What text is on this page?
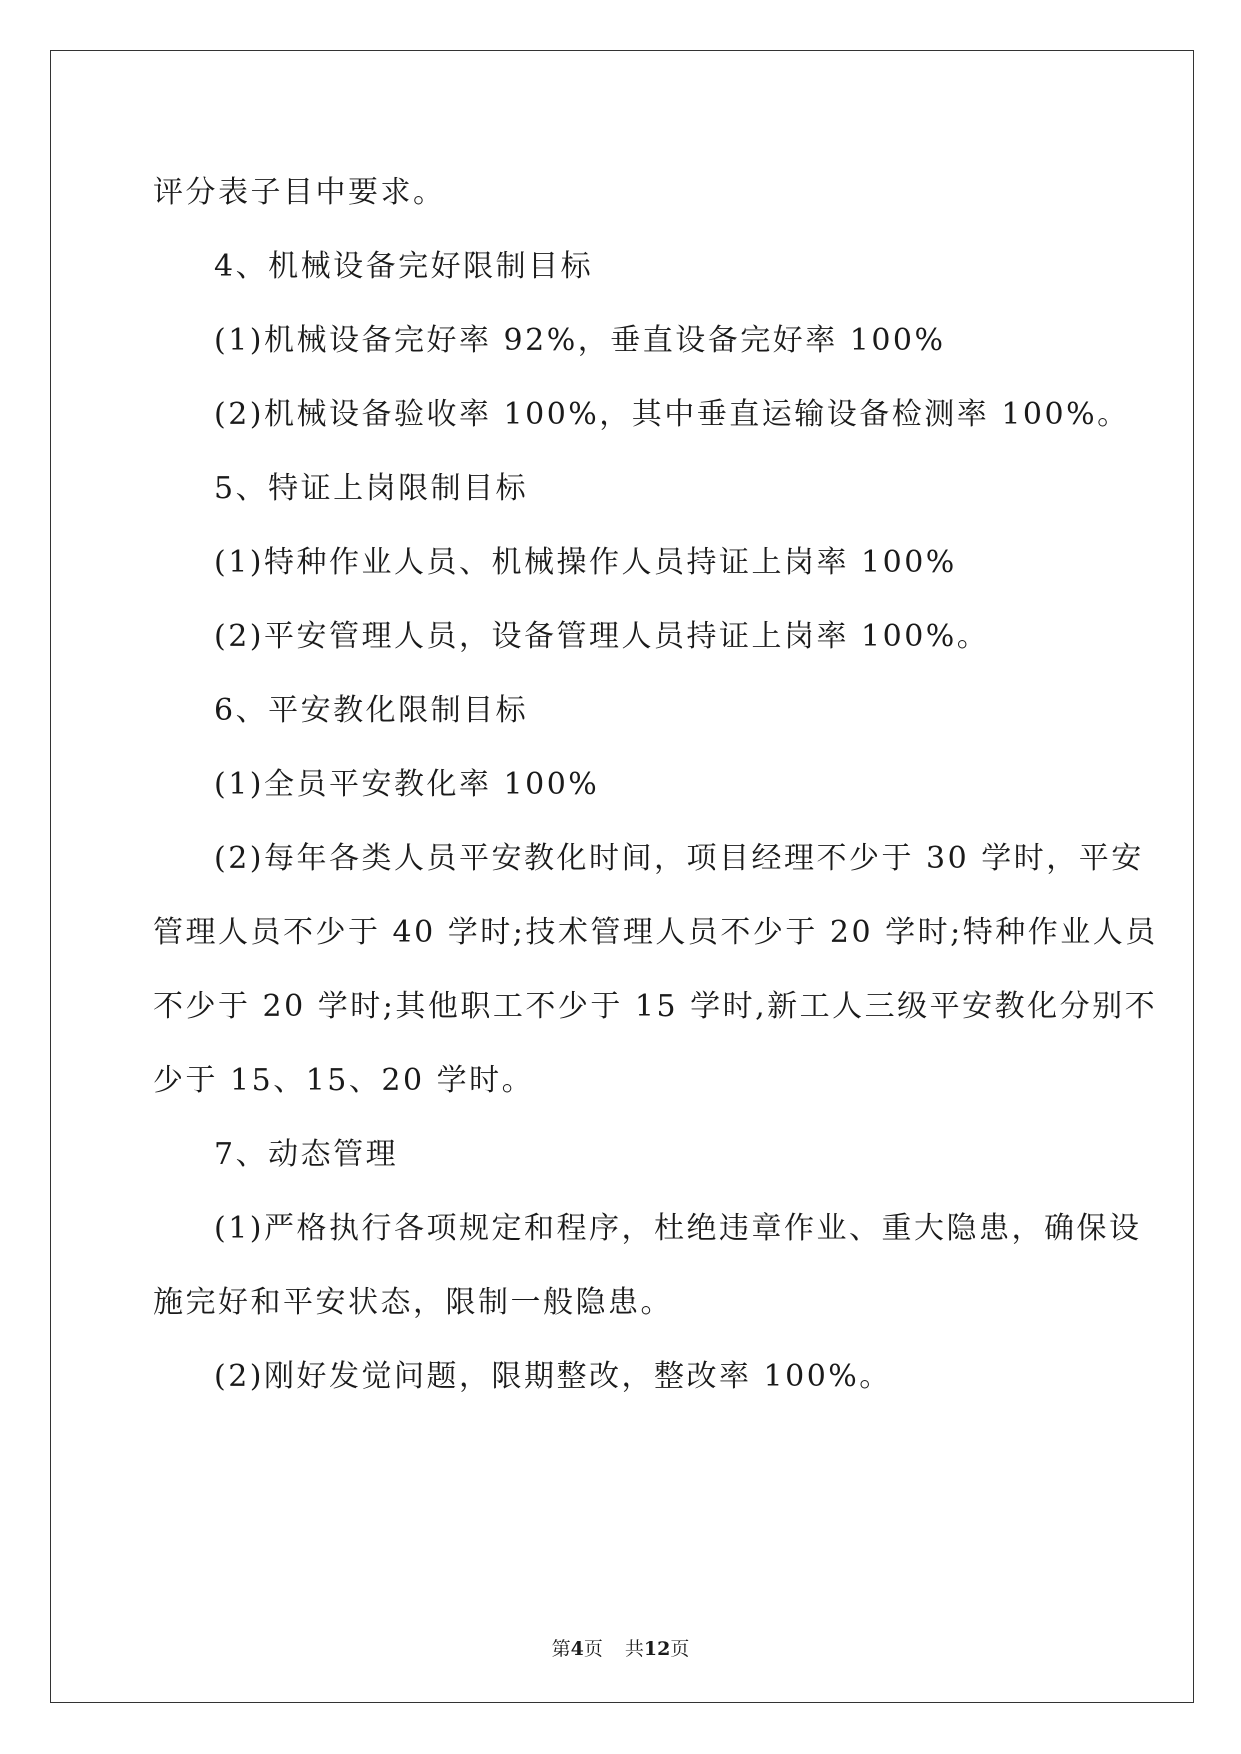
评分表子目中要求。
4、机械设备完好限制目标
(1)机械设备完好率 92%，垂直设备完好率 100%
(2)机械设备验收率 100%，其中垂直运输设备检测率 100%。
5、特证上岗限制目标
(1)特种作业人员、机械操作人员持证上岗率 100%
(2)平安管理人员，设备管理人员持证上岗率 100%。
6、平安教化限制目标
(1)全员平安教化率 100%
(2)每年各类人员平安教化时间，项目经理不少于 30 学时，平安
管理人员不少于 40 学时;技术管理人员不少于 20 学时;特种作业人员
不少于 20 学时;其他职工不少于 15 学时,新工人三级平安教化分别不
少于 15、15、20 学时。
7、动态管理
(1)严格执行各项规定和程序，杜绝违章作业、重大隐患，确保设
施完好和平安状态，限制一般隐患。
(2)刚好发觉问题，限期整改，整改率 100%。
第4页 共12页
